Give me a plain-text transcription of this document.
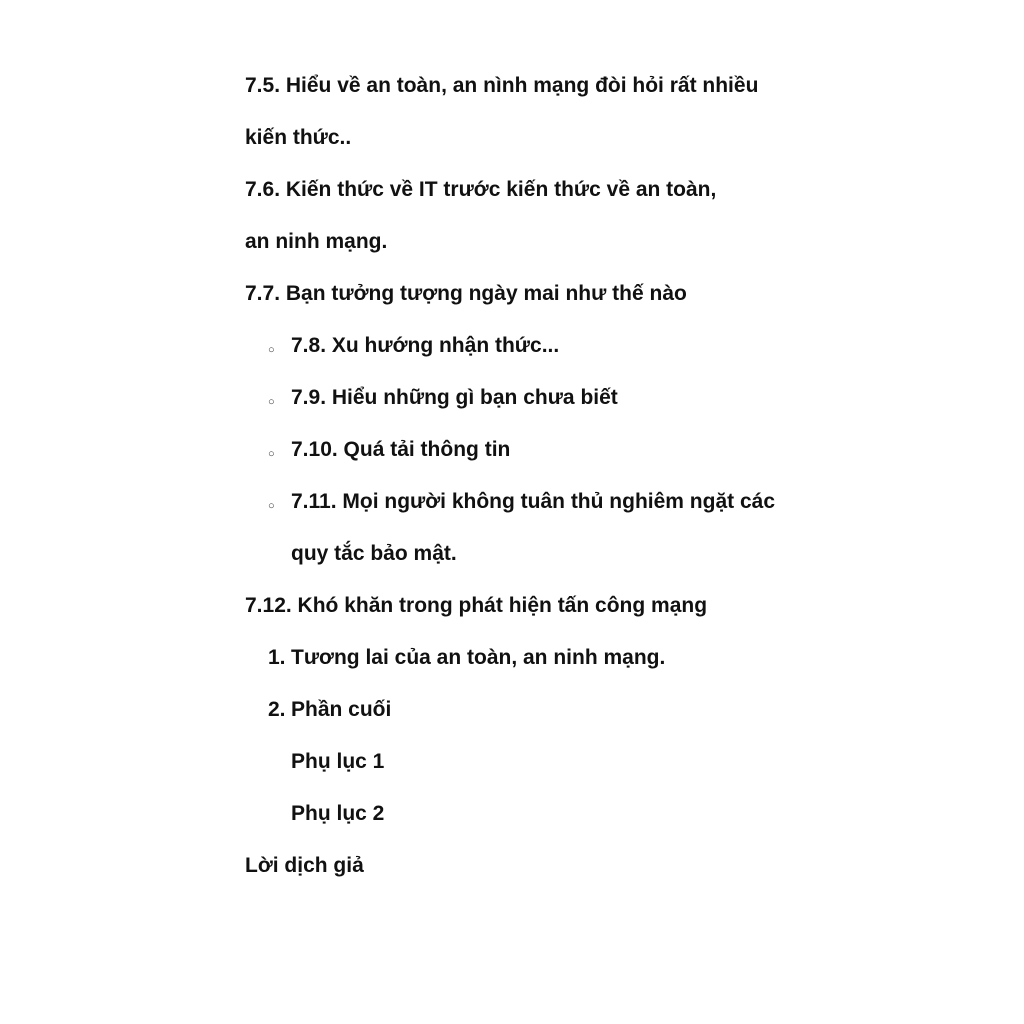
7.5. Hiểu về an toàn, an nình mạng đòi hỏi rất nhiều
kiến thức..
7.6. Kiến thức về IT trước kiến thức về an toàn,
an ninh mạng.
7.7. Bạn tưởng tượng ngày mai như thế nào
○ 7.8. Xu hướng nhận thức...
○ 7.9. Hiểu những gì bạn chưa biết
○ 7.10. Quá tải thông tin
○ 7.11. Mọi người không tuân thủ nghiêm ngặt các
quy tắc bảo mật.
7.12. Khó khăn trong phát hiện tấn công mạng
1. Tương lai của an toàn, an ninh mạng.
2. Phần cuối
Phụ lục 1
Phụ lục 2
Lời dịch giả
